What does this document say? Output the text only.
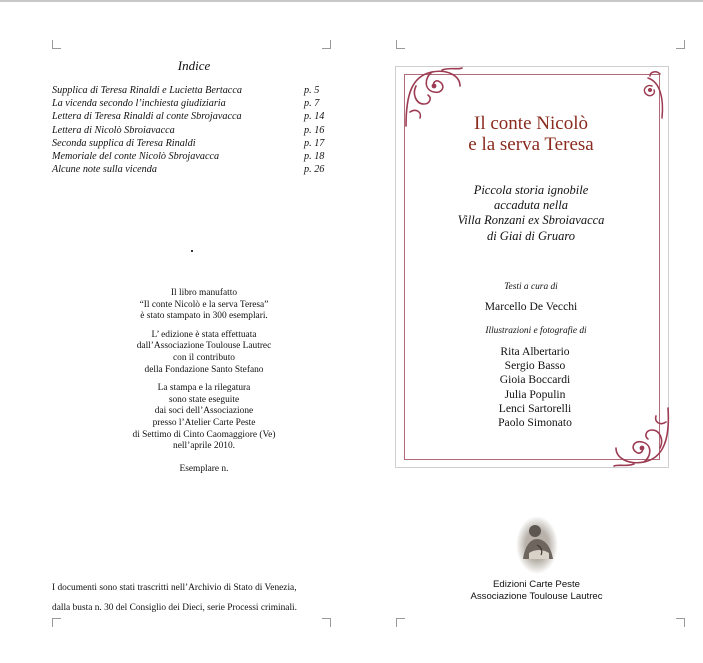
Indice
Supplica di Teresa Rinaldi e Lucietta Bertacca	p. 5
La vicenda secondo l’inchiesta giudiziaria	p. 7
Lettera di Teresa Rinaldi al conte Sbrojavacca	p. 14
Lettera di Nicolò Sbroiavacca	p. 16
Seconda supplica di Teresa Rinaldi	p. 17
Memoriale del conte Nicolò Sbrojavacca	p. 18
Alcune note sulla vicenda	p. 26

Il libro manufatto
“Il conte Nicolò e la serva Teresa”
è stato stampato in 300 esemplari.

L’ edizione è stata effettuata
dall’Associazione Toulouse Lautrec
con il contributo
della Fondazione Santo Stefano

La stampa e la rilegatura
sono state eseguite
dai soci dell’Associazione
presso l’Atelier Carte Peste
di Settimo di Cinto Caomaggiore (Ve)
nell’aprile 2010.

Esemplare n.

I documenti sono stati trascritti nell’Archivio di Stato di Venezia,
dalla busta n. 30 del Consiglio dei Dieci, serie Processi criminali.
Il conte Nicolò
e la serva Teresa
Piccola storia ignobile
accaduta nella
Villa Ronzani ex Sbroiavacca
di Giai di Gruaro
Testi a cura di
Marcello De Vecchi
Illustrazioni e fotografie di
Rita Albertario
Sergio Basso
Gioia Boccardi
Julia Populin
Lenci Sartorelli
Paolo Simonato
Edizioni Carte Peste
Associazione Toulouse Lautrec
